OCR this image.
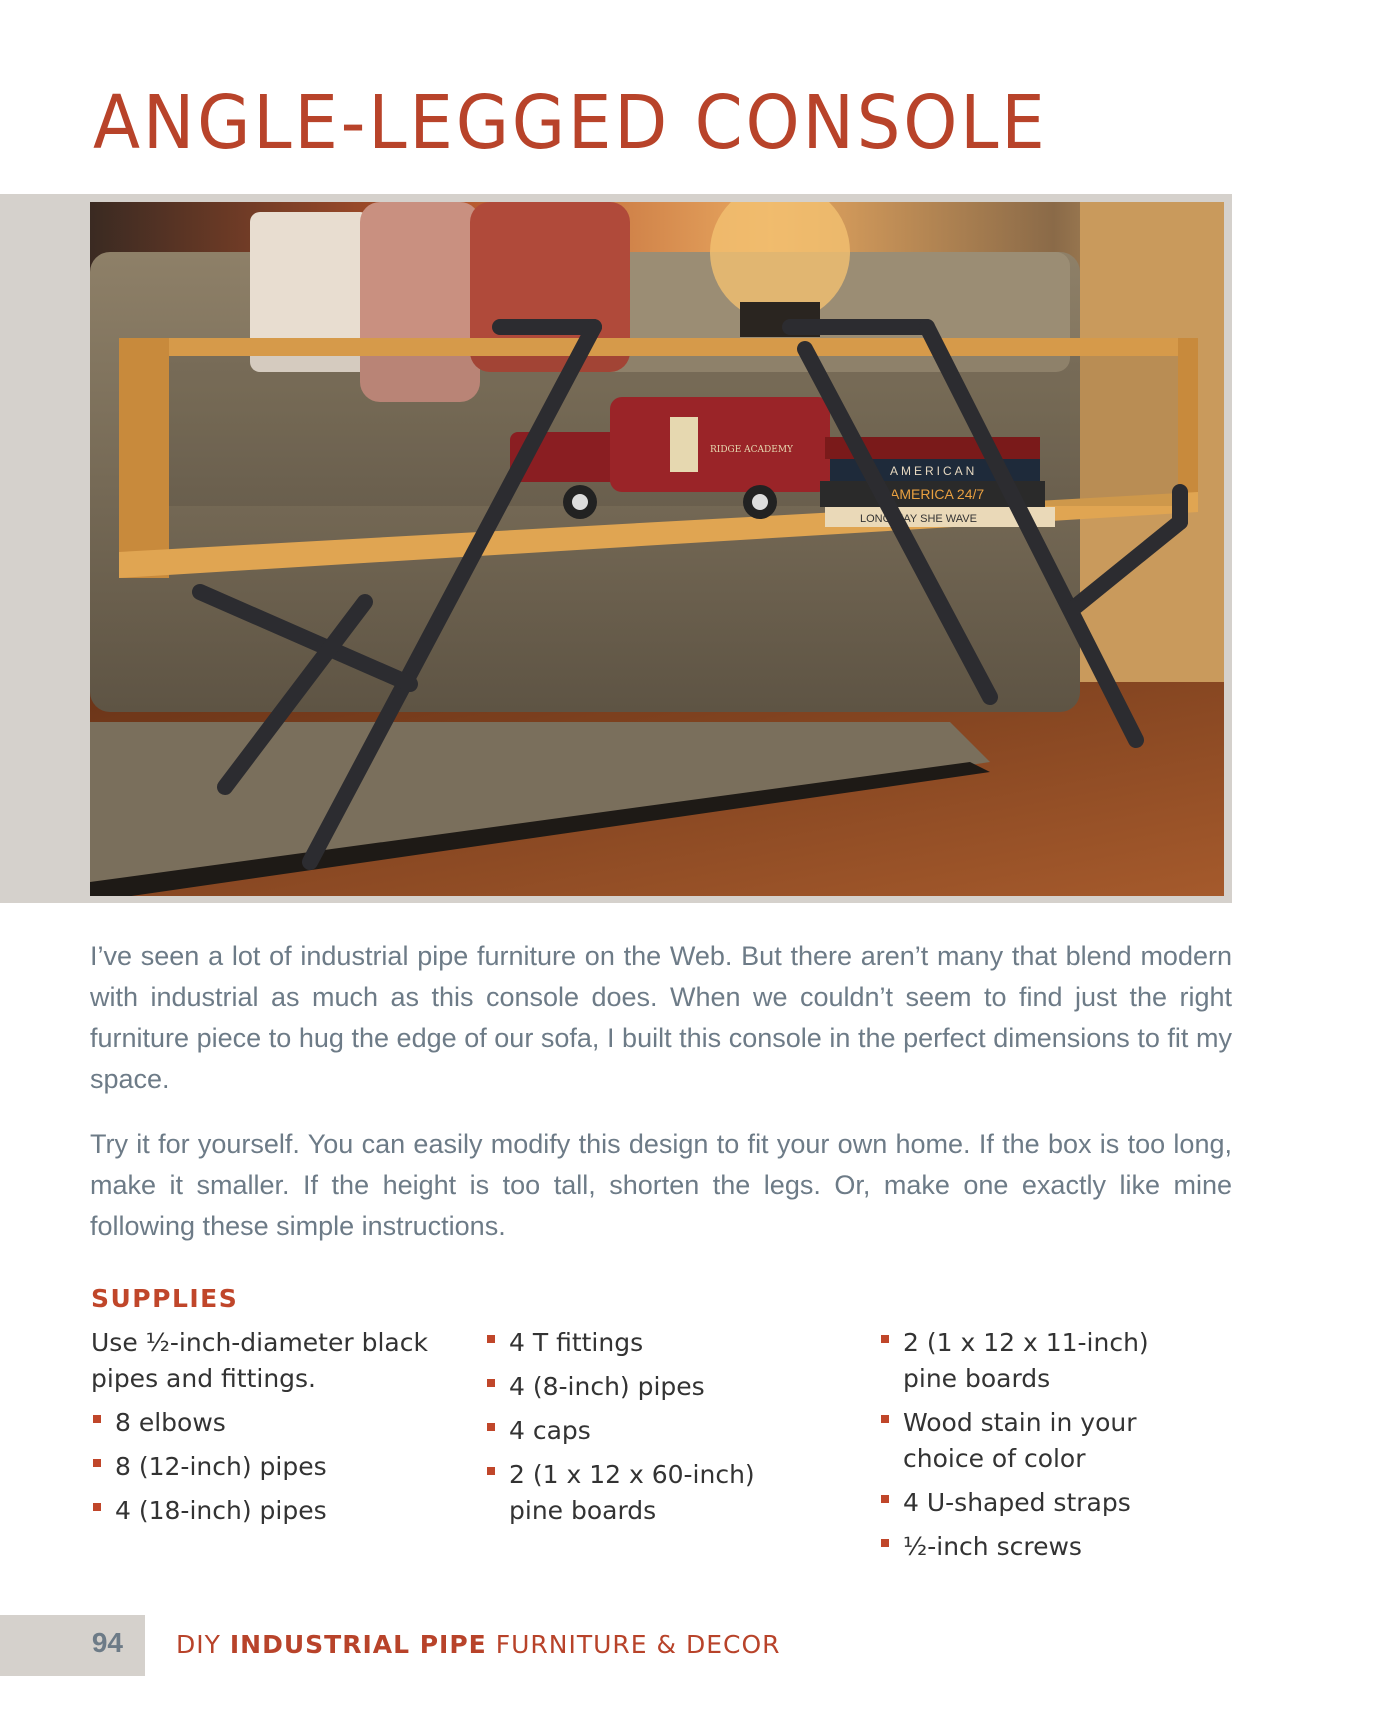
ANGLE-LEGGED CONSOLE
RIDGE ACADEMY
AMERICAN
AMERICA 24/7
LONG MAY SHE WAVE
I’ve seen a lot of industrial pipe furniture on the Web. But there aren’t many that blend modern with industrial as much as this console does. When we couldn’t seem to find just the right furniture piece to hug the edge of our sofa, I built this console in the perfect dimensions to fit my space.
Try it for yourself. You can easily modify this design to fit your own home. If the box is too long, make it smaller. If the height is too tall, shorten the legs. Or, make one exactly like mine following these simple instructions.
SUPPLIES
Use ½-inch-diameter black pipes and fittings.
8 elbows
8 (12-inch) pipes
4 (18-inch) pipes
4 T fittings
4 (8-inch) pipes
4 caps
2 (1 x 12 x 60-inch) pine boards
2 (1 x 12 x 11-inch) pine boards
Wood stain in your choice of color
4 U-shaped straps
½-inch screws
94 DIY INDUSTRIAL PIPE FURNITURE & DECOR
